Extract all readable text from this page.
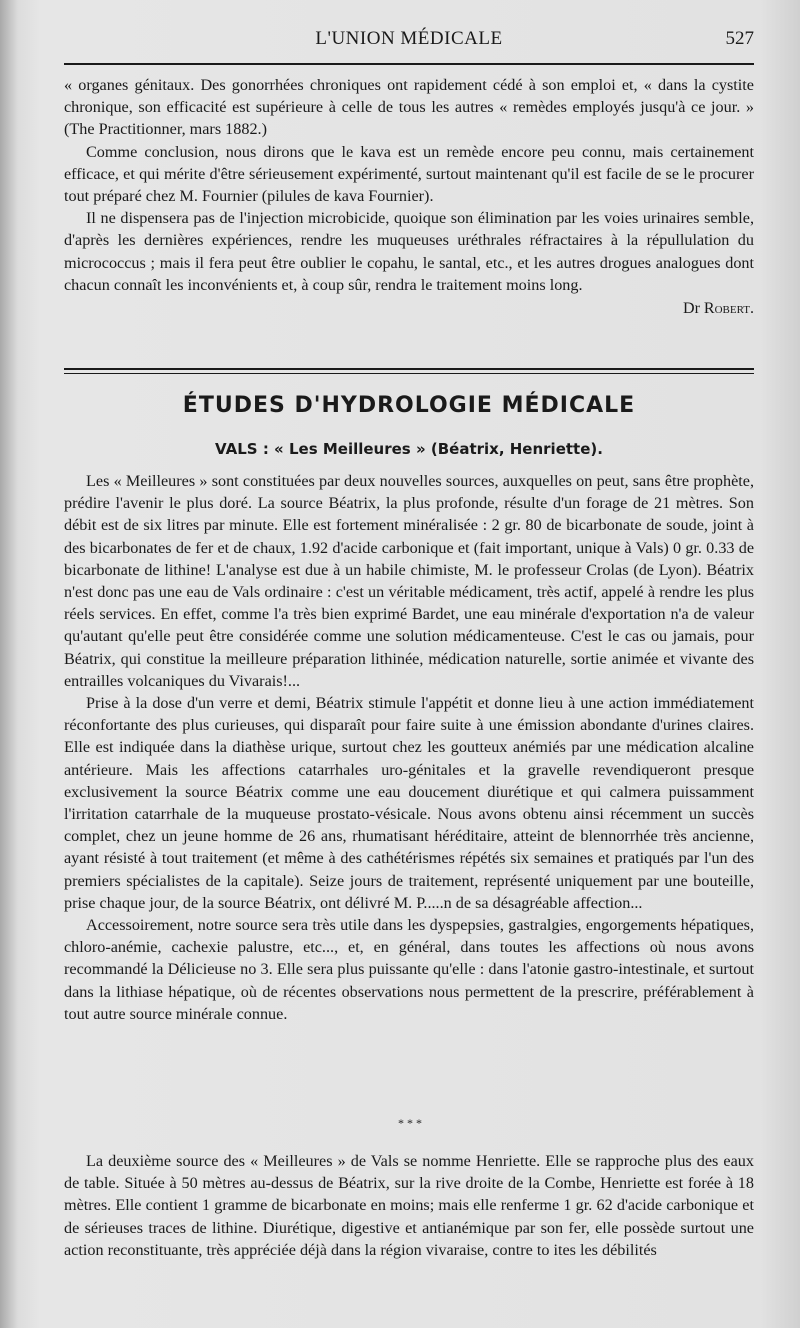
L'UNION MÉDICALE	527

« organes génitaux. Des gonorrhées chroniques ont rapidement cédé à son emploi et, « dans la cystite chronique, son efficacité est supérieure à celle de tous les autres « remèdes employés jusqu'à ce jour. » (The Practitionner, mars 1882.)

Comme conclusion, nous dirons que le kava est un remède encore peu connu, mais certainement efficace, et qui mérite d'être sérieusement expérimenté, surtout maintenant qu'il est facile de se le procurer tout préparé chez M. Fournier (pilules de kava Fournier).

Il ne dispensera pas de l'injection microbicide, quoique son élimination par les voies urinaires semble, d'après les dernières expériences, rendre les muqueuses uréthrales réfractaires à la répullulation du micrococcus ; mais il fera peut être oublier le copahu, le santal, etc., et les autres drogues analogues dont chacun connaît les inconvénients et, à coup sûr, rendra le traitement moins long.

Dr Robert.
ÉTUDES D'HYDROLOGIE MÉDICALE
VALS : « Les Meilleures » (Béatrix, Henriette).

Les « Meilleures » sont constituées par deux nouvelles sources, auxquelles on peut, sans être prophète, prédire l'avenir le plus doré. La source Béatrix, la plus profonde, résulte d'un forage de 21 mètres. Son débit est de six litres par minute. Elle est fortement minéralisée : 2 gr. 80 de bicarbonate de soude, joint à des bicarbonates de fer et de chaux, 1.92 d'acide carbonique et (fait important, unique à Vals) 0 gr. 0.33 de bicarbonate de lithine! L'analyse est due à un habile chimiste, M. le professeur Crolas (de Lyon). Béatrix n'est donc pas une eau de Vals ordinaire : c'est un véritable médicament, très actif, appelé à rendre les plus réels services. En effet, comme l'a très bien exprimé Bardet, une eau minérale d'exportation n'a de valeur qu'autant qu'elle peut être considérée comme une solution médicamenteuse. C'est le cas ou jamais, pour Béatrix, qui constitue la meilleure préparation lithinée, médication naturelle, sortie animée et vivante des entrailles volcaniques du Vivarais!...

Prise à la dose d'un verre et demi, Béatrix stimule l'appétit et donne lieu à une action immédiatement réconfortante des plus curieuses, qui disparaît pour faire suite à une émission abondante d'urines claires. Elle est indiquée dans la diathèse urique, surtout chez les goutteux anémiés par une médication alcaline antérieure. Mais les affections catarrhales uro-génitales et la gravelle revendiqueront presque exclusivement la source Béatrix comme une eau doucement diurétique et qui calmera puissamment l'irritation catarrhale de la muqueuse prostato-vésicale. Nous avons obtenu ainsi récemment un succès complet, chez un jeune homme de 26 ans, rhumatisant héréditaire, atteint de blennorrhée très ancienne, ayant résisté à tout traitement (et même à des cathétérismes répétés six semaines et pratiqués par l'un des premiers spécialistes de la capitale). Seize jours de traitement, représenté uniquement par une bouteille, prise chaque jour, de la source Béatrix, ont délivré M. P.....n de sa désagréable affection...

Accessoirement, notre source sera très utile dans les dyspepsies, gastralgies, engorgements hépatiques, chloro-anémie, cachexie palustre, etc..., et, en général, dans toutes les affections où nous avons recommandé la Délicieuse no 3. Elle sera plus puissante qu'elle : dans l'atonie gastro-intestinale, et surtout dans la lithiase hépatique, où de récentes observations nous permettent de la prescrire, préférablement à tout autre source minérale connue.

* * *

La deuxième source des « Meilleures » de Vals se nomme Henriette. Elle se rapproche plus des eaux de table. Située à 50 mètres au-dessus de Béatrix, sur la rive droite de la Combe, Henriette est forée à 18 mètres. Elle contient 1 gramme de bicarbonate en moins; mais elle renferme 1 gr. 62 d'acide carbonique et de sérieuses traces de lithine. Diurétique, digestive et antianémique par son fer, elle possède surtout une action reconstituante, très appréciée déjà dans la région vivaraise, contre to ites les débilités
